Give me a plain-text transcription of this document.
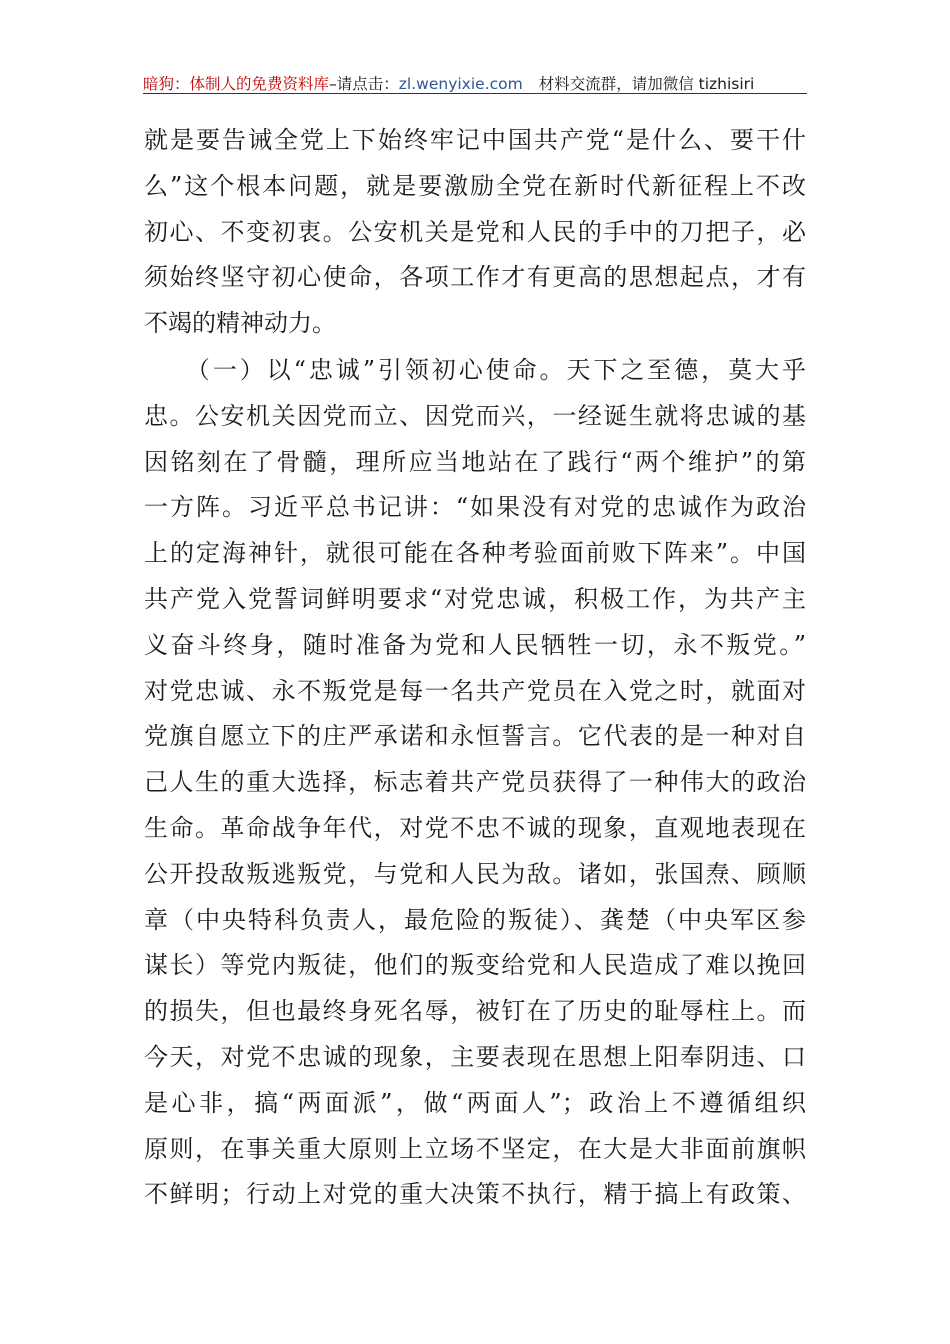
暗狗：体制人的免费资料库 –请点击： zl.wenyixie.com 材料交流群，请加微信 tizhisiri
就是要告诫全党上下始终牢记中国共产党“是什么、要干什
么”这个根本问题，就是要激励全党在新时代新征程上不改
初心、不变初衷。公安机关是党和人民的手中的刀把子，必
须始终坚守初心使命，各项工作才有更高的思想起点，才有
不竭的精神动力。
　　（一）以“忠诚”引领初心使命。天下之至德，莫大乎
忠。公安机关因党而立、因党而兴，一经诞生就将忠诚的基
因铭刻在了骨髓，理所应当地站在了践行“两个维护”的第
一方阵。习近平总书记讲：“如果没有对党的忠诚作为政治
上的定海神针，就很可能在各种考验面前败下阵来”。中国
共产党入党誓词鲜明要求“对党忠诚，积极工作，为共产主
义奋斗终身，随时准备为党和人民牺牲一切，永不叛党。”
对党忠诚、永不叛党是每一名共产党员在入党之时，就面对
党旗自愿立下的庄严承诺和永恒誓言。它代表的是一种对自
己人生的重大选择，标志着共产党员获得了一种伟大的政治
生命。革命战争年代，对党不忠不诚的现象，直观地表现在
公开投敌叛逃叛党，与党和人民为敌。诸如，张国焘、顾顺
章（中央特科负责人，最危险的叛徒）、龚楚（中央军区参
谋长）等党内叛徒，他们的叛变给党和人民造成了难以挽回
的损失，但也最终身死名辱，被钉在了历史的耻辱柱上。而
今天，对党不忠诚的现象，主要表现在思想上阳奉阴违、口
是心非，搞“两面派”，做“两面人”；政治上不遵循组织
原则，在事关重大原则上立场不坚定，在大是大非面前旗帜
不鲜明；行动上对党的重大决策不执行，精于搞上有政策、
